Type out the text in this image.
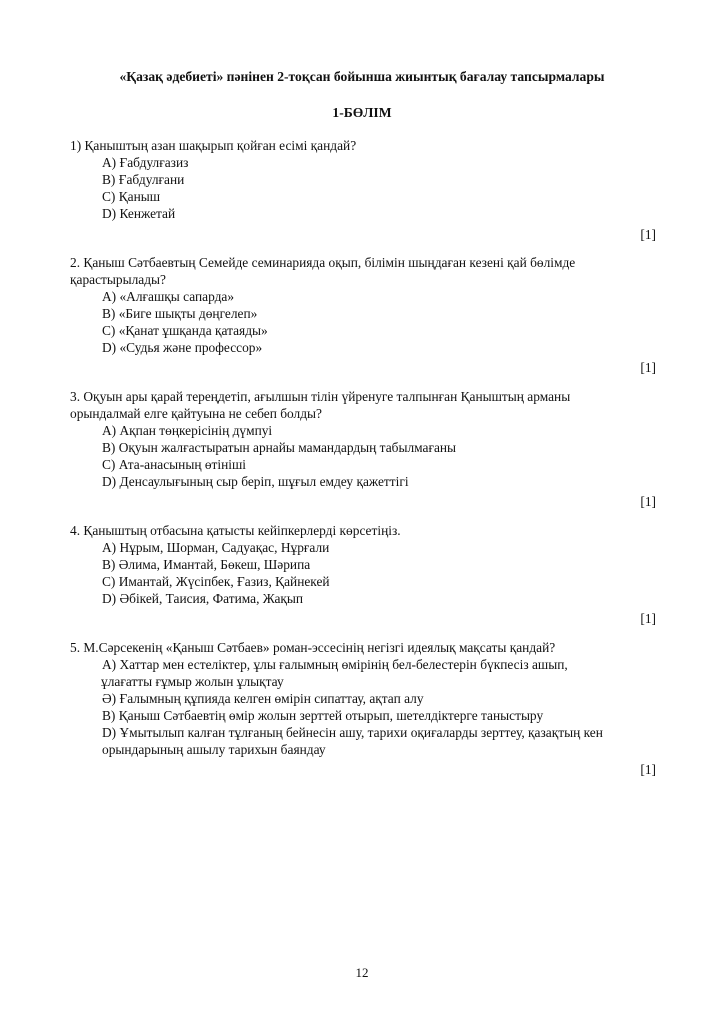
«Қазақ әдебиеті» пәнінен 2-тоқсан бойынша жиынтық бағалау тапсырмалары
1-БӨЛІМ

1) Қаныштың азан шақырып қойған есімі қандай?

A) Ғабдулғазиз
B) Ғабдулғани
C) Қаныш
D) Кенжетай
[1]

2. Қаныш Сәтбаевтың Семейде семинарияда оқып, білімін шыңдаған кезені қай бөлімде

қарастырылады?

A) «Алғашқы сапарда»
B) «Биге шықты дөңгелеп»
C) «Қанат ұшқанда қатаяды»
D) «Судья және профессор»
[1]

3. Оқуын ары қарай тереңдетіп, ағылшын тілін үйренуге талпынған Қаныштың арманы

орындалмай елге қайтуына не себеп болды?

A) Ақпан төңкерісінің дүмпуі
B) Оқуын жалғастыратын арнайы мамандардың табылмағаны
C) Ата-анасының өтініші
D) Денсаулығының сыр беріп, шұғыл емдеу қажеттігі
[1]

4. Қаныштың отбасына қатысты кейіпкерлерді көрсетіңіз.

A) Нұрым, Шорман, Садуақас, Нұрғали
B) Әлима, Имантай, Бөкеш, Шәрипа
C) Имантай, Жүсіпбек, Ғазиз, Қайнекей
D) Әбікей, Таисия, Фатима, Жақып
[1]

5. М.Сәрсекенің «Қаныш Сәтбаев» роман-эссесінің негізгі идеялық мақсаты қандай?

A) Хаттар мен естеліктер, ұлы ғалымның өмірінің бел-белестерін бүкпесіз ашып,
ұлағатты ғұмыр жолын ұлықтау
Ә) Ғалымның құпияда келген өмірін сипаттау, ақтап алу
B) Қаныш Сәтбаевтің өмір жолын зерттей отырып, шетелдіктерге таныстыру
D) Ұмытылып калған тұлғаның бейнесін ашу, тарихи оқиғаларды зерттеу, қазақтың кен
орындарының ашылу тарихын баяндау
[1]
12
